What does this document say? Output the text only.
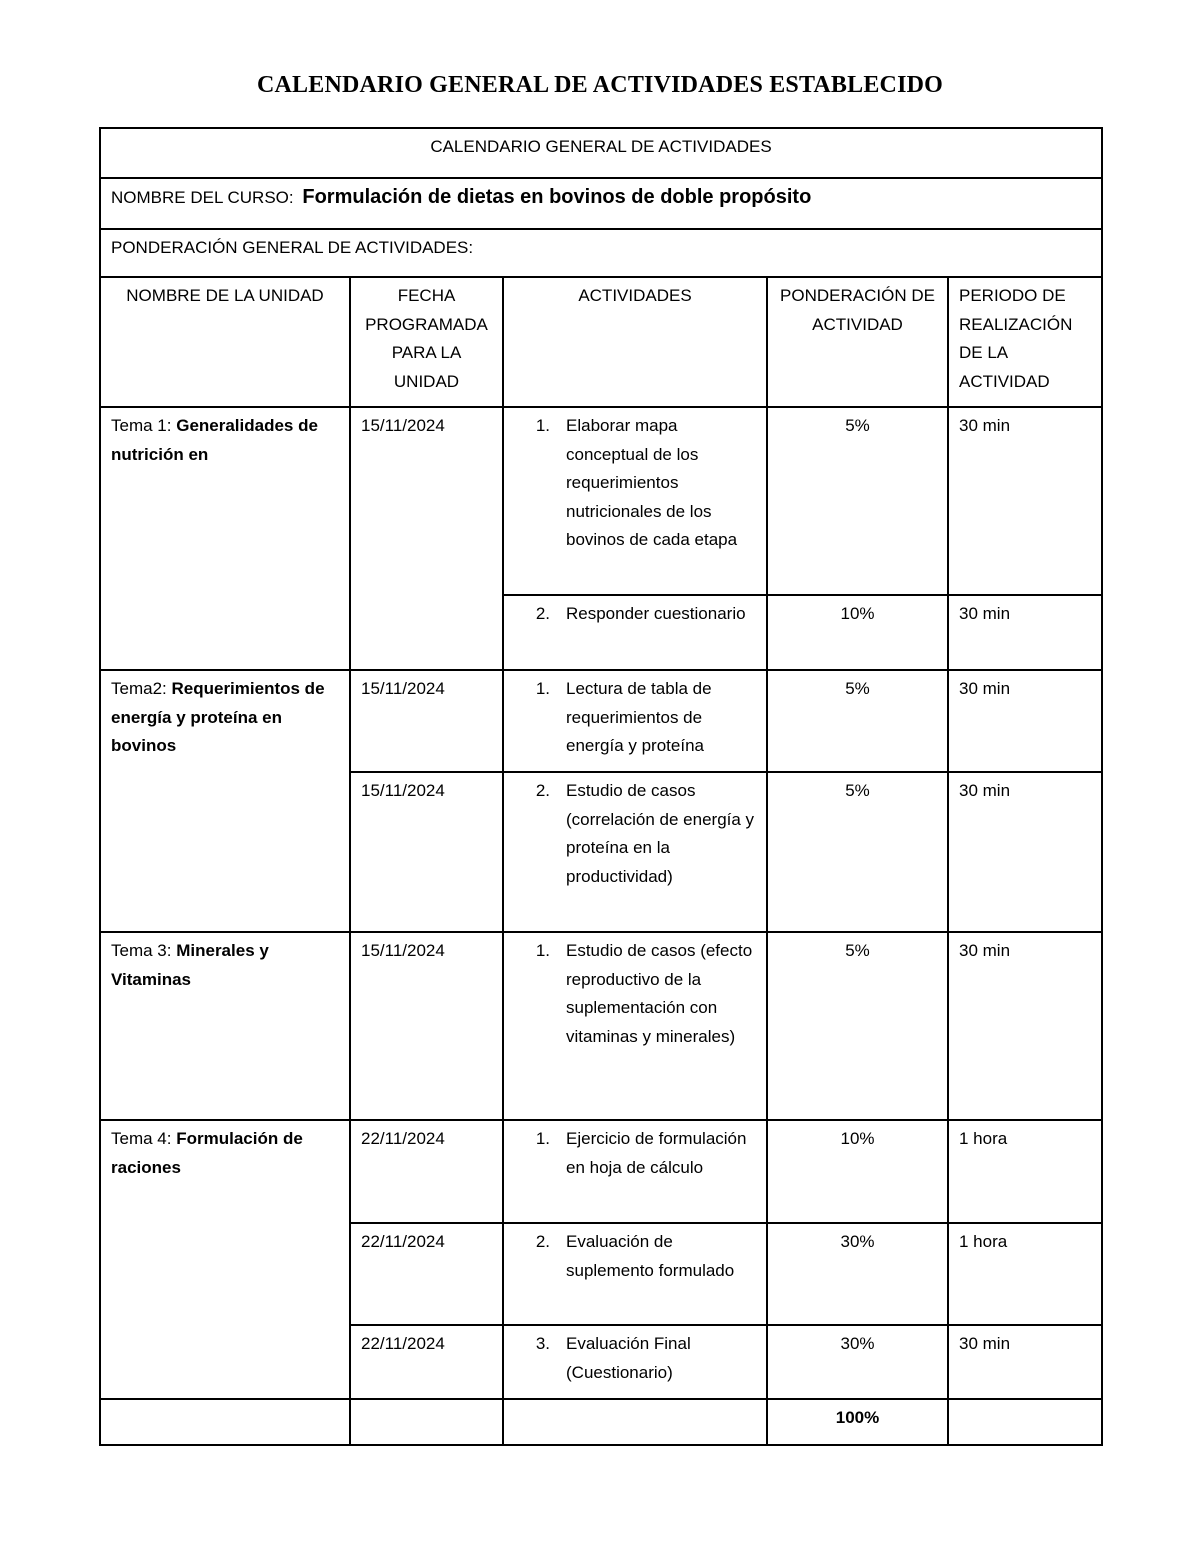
CALENDARIO GENERAL DE ACTIVIDADES ESTABLECIDO
CALENDARIO GENERAL DE ACTIVIDADES				
NOMBRE DEL CURSO: Formulación de dietas en bovinos de doble propósito				
PONDERACIÓN GENERAL DE ACTIVIDADES:				
NOMBRE DE LA UNIDAD	FECHA PROGRAMADA PARA LA UNIDAD	ACTIVIDADES	PONDERACIÓN DE ACTIVIDAD	PERIODO DE REALIZACIÓN DE LA ACTIVIDAD
Tema 1: Generalidades de nutrición en	15/11/2024	1. Elaborar mapa conceptual de los requerimientos nutricionales de los bovinos de cada etapa	5%	30 min

		2. Responder cuestionario	10%	30 min
Tema2: Requerimientos de energía y proteína en bovinos	15/11/2024	1. Lectura de tabla de requerimientos de energía y proteína	5%	30 min
	15/11/2024	2. Estudio de casos (correlación de energía y proteína en la productividad)	5%	30 min
Tema 3: Minerales y Vitaminas	15/11/2024	1. Estudio de casos (efecto reproductivo de la suplementación con vitaminas y minerales)	5%	30 min
Tema 4: Formulación de raciones	22/11/2024	1. Ejercicio de formulación en hoja de cálculo	10%	1 hora
	22/11/2024	2. Evaluación de suplemento formulado	30%	1 hora
	22/11/2024	3. Evaluación Final (Cuestionario)	30%	30 min
			100%	
